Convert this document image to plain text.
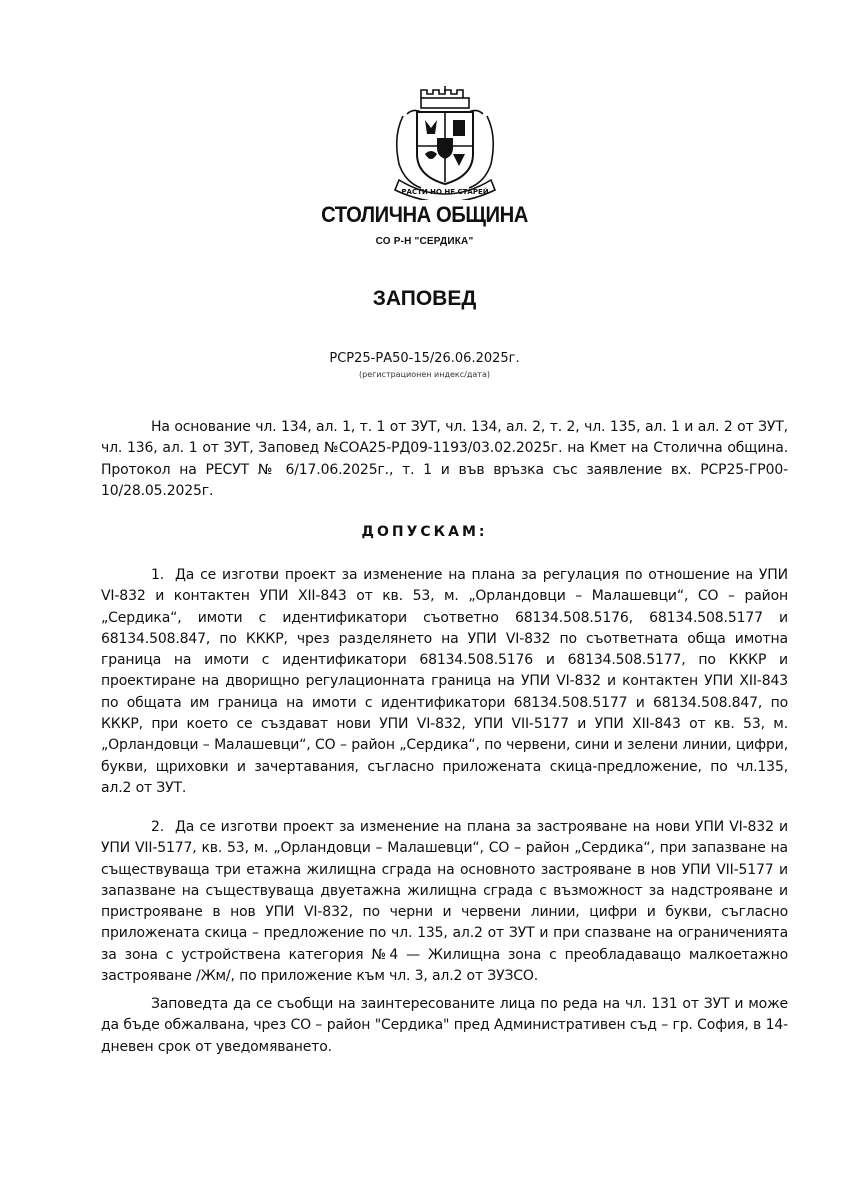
РАСТИ НО НЕ СТАРЕЙ
СТОЛИЧНА ОБЩИНА
СО Р-Н "СЕРДИКА"
ЗАПОВЕД
РСР25-РА50-15/26.06.2025г.
(регистрационен индекс/дата)

На основание чл. 134, ал. 1, т. 1 от ЗУТ, чл. 134, ал. 2, т. 2, чл. 135, ал. 1 и ал. 2 от ЗУТ, чл. 136, ал. 1 от ЗУТ, Заповед №СОА25-РД09-1193/03.02.2025г. на Кмет на Столична община. Протокол на РЕСУТ № 6/17.06.2025г., т. 1 и във връзка със заявление вх. РСР25-ГР00-10/28.05.2025г.

ДОПУСКАМ:

1. Да се изготви проект за изменение на плана за регулация по отношение на УПИ VI-832 и контактен УПИ XII-843 от кв. 53, м. „Орландовци – Малашевци“, СО – район „Сердика“, имоти с идентификатори съответно 68134.508.5176, 68134.508.5177 и 68134.508.847, по КККР, чрез разделянето на УПИ VI-832 по съответната обща имотна граница на имоти с идентификатори 68134.508.5176 и 68134.508.5177, по КККР и проектиране на дворищно регулационната граница на УПИ VI-832 и контактен УПИ XII-843 по общата им граница на имоти с идентификатори 68134.508.5177 и 68134.508.847, по КККР, при което се създават нови УПИ VI-832, УПИ VII-5177 и УПИ XII-843 от кв. 53, м. „Орландовци – Малашевци“, СО – район „Сердика“, по червени, сини и зелени линии, цифри, букви, щриховки и зачертавания, съгласно приложената скица-предложение, по чл.135, ал.2 от ЗУТ.

2. Да се изготви проект за изменение на плана за застрояване на нови УПИ VI-832 и УПИ VII-5177, кв. 53, м. „Орландовци – Малашевци“, СО – район „Сердика“, при запазване на съществуваща три етажна жилищна сграда на основното застрояване в нов УПИ VII-5177 и запазване на съществуваща двуетажна жилищна сграда с възможност за надстрояване и пристрояване в нов УПИ VI-832, по черни и червени линии, цифри и букви, съгласно приложената скица – предложение по чл. 135, ал.2 от ЗУТ и при спазване на ограниченията за зона с устройствена категория №4 — Жилищна зона с преобладаващо малкоетажно застрояване /Жм/, по приложение към чл. 3, ал.2 от ЗУЗСО.

Заповедта да се съобщи на заинтересованите лица по реда на чл. 131 от ЗУТ и може да бъде обжалвана, чрез СО – район "Сердика" пред Административен съд – гр. София, в 14-дневен срок от уведомяването.
